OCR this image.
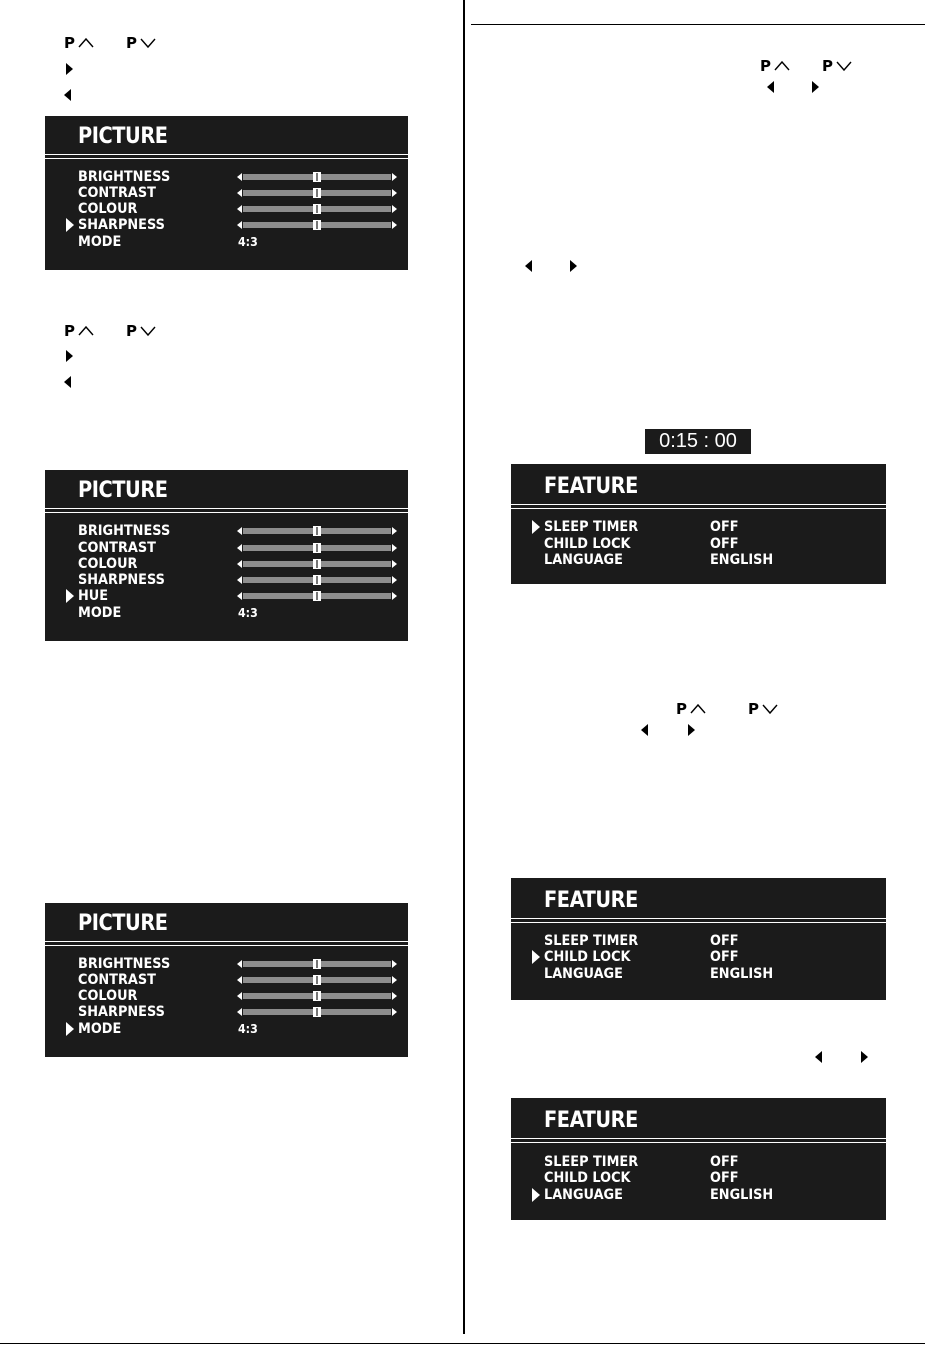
P	P
PICTURE
BRIGHTNESS
CONTRAST
COLOUR
SHARPNESS
MODE	4:3
P	P
PICTURE
BRIGHTNESS
CONTRAST
COLOUR
SHARPNESS
HUE
MODE	4:3
PICTURE
BRIGHTNESS
CONTRAST
COLOUR
SHARPNESS
MODE	4:3
P	P
0:15 : 00
FEATURE
SLEEP TIMER	OFF
CHILD LOCK	OFF
LANGUAGE	ENGLISH
P	P
FEATURE
SLEEP TIMER	OFF
CHILD LOCK	OFF
LANGUAGE	ENGLISH
FEATURE
SLEEP TIMER	OFF
CHILD LOCK	OFF
LANGUAGE	ENGLISH
